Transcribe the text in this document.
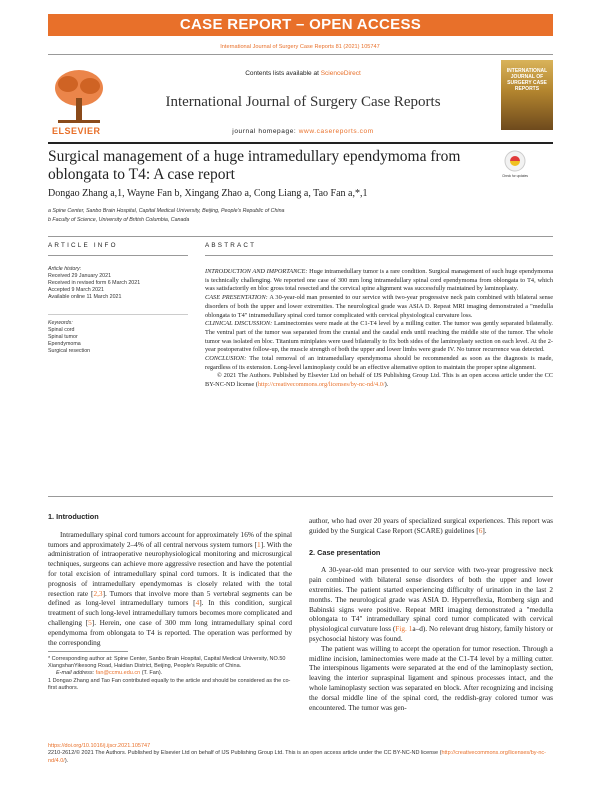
CASE REPORT – OPEN ACCESS
International Journal of Surgery Case Reports 81 (2021) 105747
ELSEVIER
Contents lists available at ScienceDirect
International Journal of Surgery Case Reports
journal homepage: www.casereports.com
INTERNATIONAL JOURNAL OF SURGERY CASE REPORTS
Surgical management of a huge intramedullary ependymoma from oblongata to T4: A case report	Check for updates
Dongao Zhang a,1, Wayne Fan b, Xingang Zhao a, Cong Liang a, Tao Fan a,*,1
a Spine Center, Sanbo Brain Hospital, Capital Medical University, Beijing, People's Republic of China
b Faculty of Science, University of British Columbia, Canada
ARTICLE INFO	ABSTRACT
Article history:
Received 29 January 2021
Received in revised form 6 March 2021
Accepted 9 March 2021
Available online 11 March 2021
Keywords:
Spinal cord
Spinal tumor
Ependymoma
Surgical resection

INTRODUCTION AND IMPORTANCE: Huge intramedullary tumor is a rare condition. Surgical management of such huge ependymoma is technically challenging. We reported one case of 300 mm long intramedullary spinal cord ependymoma from oblongata to T4, which was satisfactorily en bloc gross total resected and the cervical spine alignment was successfully maintained by laminoplasty.

CASE PRESENTATION: A 30-year-old man presented to our service with two-year progressive neck pain combined with bilateral sense disorders of both the upper and lower extremities. The neurological grade was ASIA D. Repeat MRI imaging demonstrated a "medulla oblongata to T4" intramedullary spinal cord tumor complicated with cervical physiological curvature loss.

CLINICAL DISCUSSION: Laminectomies were made at the C1-T4 level by a milling cutter. The tumor was gently separated bilaterally. The ventral part of the tumor was separated from the cranial and the caudal ends until reaching the middle site of the tumor. The whole tumor was isolated en bloc. Titanium miniplates were used bilaterally to fix both sides of the laminoplasty section on each level. At the 2-year postoperative follow-up, the muscle strength of both the upper and lower limbs were grade IV. No tumor recurrence was detected.

CONCLUSION: The total removal of an intramedullary ependymoma should be recommended as soon as the diagnosis is made, regardless of its extension. Long-level laminoplasty could be an effective alternative option to maintain the proper spine alignment.

© 2021 The Authors. Published by Elsevier Ltd on behalf of IJS Publishing Group Ltd. This is an open access article under the CC BY-NC-ND license (http://creativecommons.org/licenses/by-nc-nd/4.0/).

1. Introduction

Intramedullary spinal cord tumors account for approximately 16% of the spinal tumors and approximately 2–4% of all central nervous system tumors [1]. With the administration of intraoperative neurophysiological monitoring and microsurgical techniques, surgeons can achieve more aggressive resection and have the potential for total excision of intramedullary spinal cord tumors. It is indicated that the prognosis of intramedullary ependymomas is closely related with the total resection rate [2,3]. Tumors that involve more than 5 vertebral segments can be defined as long-level intramedullary tumors [4]. In this condition, surgical treatment of such long-level intramedullary tumors becomes more complicated and challenging [5]. Herein, one case of 300 mm long intramedullary spinal cord ependymoma from oblongata to T4 is reported. The operation was performed by the corresponding

author, who had over 20 years of specialized surgical experiences. This report was guided by the Surgical Case Report (SCARE) guidelines [6].

2. Case presentation

A 30-year-old man presented to our service with two-year progressive neck pain combined with bilateral sense disorders of both the upper and lower extremities. The patient started experiencing difficulty of urination in the last 2 months. The neurological grade was ASIA D. Hyperreflexia, Romberg sign and Babinski signs were positive. Repeat MRI imaging demonstrated a "medulla oblongata to T4" intramedullary spinal cord tumor complicated with cervical physiological curvature loss (Fig. 1a–d). No relevant drug history, family history or psychosocial history was found.

The patient was willing to accept the operation for tumor resection. Through a midline incision, laminectomies were made at the C1-T4 level by a milling cutter. The interspinous ligaments were separated at the end of the laminoplasty section, leaving the interior supraspinal ligament and spinous processes intact, and the whole laminoplasty section was separated en block. After recognizing and incising the dorsal middle line of the spinal cord, the reddish-gray colored tumor was encountered. The tumor was gen-

* Corresponding author at: Spine Center, Sanbo Brain Hospital, Capital Medical University, NO.50 XiangshanYikesong Road, Haidian District, Beijing, People's Republic of China.
E-mail address: fan@ccmu.edu.cn (T. Fan).
1 Dongao Zhang and Tao Fan contributed equally to the article and should be considered as the co-first authors.
https://doi.org/10.1016/j.ijscr.2021.105747
2210-2612/© 2021 The Authors. Published by Elsevier Ltd on behalf of IJS Publishing Group Ltd. This is an open access article under the CC BY-NC-ND license (http://creativecommons.org/licenses/by-nc-nd/4.0/).
